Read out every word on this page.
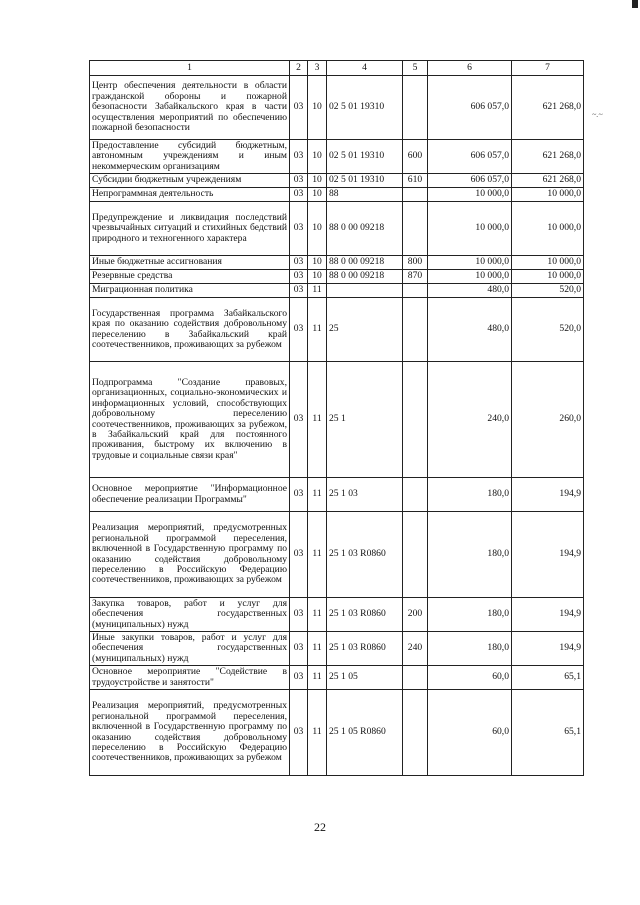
~.~
1	2	3	4	5	6	7
Центр обеспечения деятельности в области гражданской обороны и пожарной безопасности Забайкальского края в части осуществления мероприятий по обеспечению пожарной безопасности	03	10	02 5 01 19310		606 057,0	621 268,0
Предоставление субсидий бюджетным, автономным учреждениям и иным некоммерческим организациям	03	10	02 5 01 19310	600	606 057,0	621 268,0
Субсидии бюджетным учреждениям	03	10	02 5 01 19310	610	606 057,0	621 268,0
Непрограммная деятельность	03	10	88		10 000,0	10 000,0
Предупреждение и ликвидация последствий чрезвычайных ситуаций и стихийных бедствий природного и техногенного характера	03	10	88 0 00 09218		10 000,0	10 000,0
Иные бюджетные ассигнования	03	10	88 0 00 09218	800	10 000,0	10 000,0
Резервные средства	03	10	88 0 00 09218	870	10 000,0	10 000,0
Миграционная политика	03	11			480,0	520,0
Государственная программа Забайкальского края по оказанию содействия добровольному переселению в Забайкальский край соотечественников, проживающих за рубежом	03	11	25		480,0	520,0
Подпрограмма "Создание правовых, организационных, социально-экономических и информационных условий, способствующих добровольному переселению соотечественников, проживающих за рубежом, в Забайкальский край для постоянного проживания, быстрому их включению в трудовые и социальные связи края"	03	11	25 1		240,0	260,0
Основное мероприятие "Информационное обеспечение реализации Программы"	03	11	25 1 03		180,0	194,9
Реализация мероприятий, предусмотренных региональной программой переселения, включенной в Государственную программу по оказанию содействия добровольному переселению в Российскую Федерацию соотечественников, проживающих за рубежом	03	11	25 1 03 R0860		180,0	194,9
Закупка товаров, работ и услуг для обеспечения государственных (муниципальных) нужд	03	11	25 1 03 R0860	200	180,0	194,9
Иные закупки товаров, работ и услуг для обеспечения государственных (муниципальных) нужд	03	11	25 1 03 R0860	240	180,0	194,9
Основное мероприятие "Содействие в трудоустройстве и занятости"	03	11	25 1 05		60,0	65,1
Реализация мероприятий, предусмотренных региональной программой переселения, включенной в Государственную программу по оказанию содействия добровольному переселению в Российскую Федерацию соотечественников, проживающих за рубежом	03	11	25 1 05 R0860		60,0	65,1
22
